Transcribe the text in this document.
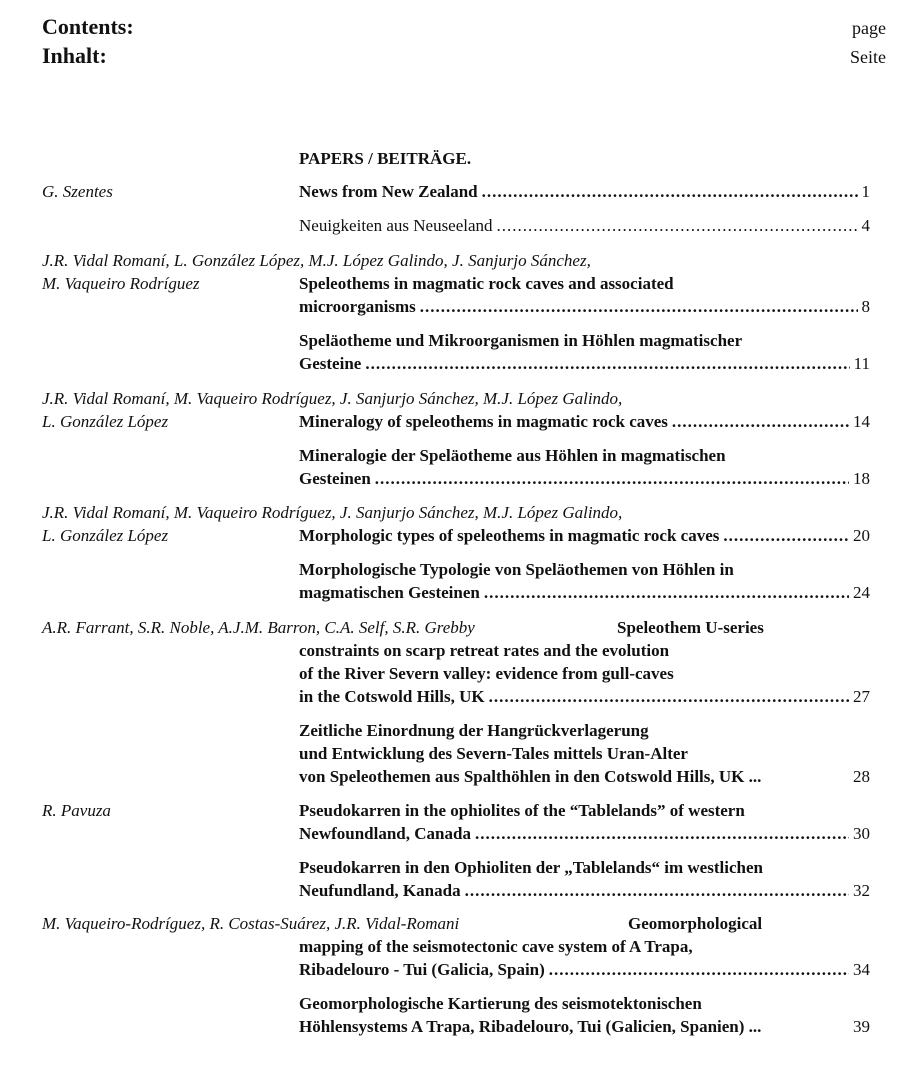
Contents:
Inhalt:
page
Seite
PAPERS / BEITRÄGE.
G. Szentes	News from New Zealand .....	1
Neuigkeiten aus Neuseeland .....	4
J.R. Vidal Romaní, L. González López, M.J. López Galindo, J. Sanjurjo Sánchez,
M. Vaqueiro Rodríguez	Speleothems in magmatic rock caves and associated
microorganisms .....	8
Speläotheme und Mikroorganismen in Höhlen magmatischer
Gesteine .....	11
J.R. Vidal Romaní, M. Vaqueiro Rodríguez, J. Sanjurjo Sánchez, M.J. López Galindo,
L. González López	Mineralogy of speleothems in magmatic rock caves .....	14
Mineralogie der Speläotheme aus Höhlen in magmatischen
Gesteinen .....	18
J.R. Vidal Romaní, M. Vaqueiro Rodríguez, J. Sanjurjo Sánchez, M.J. López Galindo,
L. González López	Morphologic types of speleothems in magmatic rock caves .....	20
Morphologische Typologie von Speläothemen von Höhlen in
magmatischen Gesteinen .....	24
A.R. Farrant, S.R. Noble, A.J.M. Barron, C.A. Self, S.R. Grebby	Speleothem U-series
constraints on scarp retreat rates and the evolution
of the River Severn valley: evidence from gull-caves
in the Cotswold Hills, UK .....	27
Zeitliche Einordnung der Hangrückverlagerung
und Entwicklung des Severn-Tales mittels Uran-Alter
von Speleothemen aus Spalthöhlen in den Cotswold Hills, UK ...	28
R. Pavuza	Pseudokarren in the ophiolites of the “Tablelands” of western
Newfoundland, Canada .....	30
Pseudokarren in den Ophioliten der „Tablelands“ im westlichen
Neufundland, Kanada .....	32
M. Vaqueiro-Rodríguez, R. Costas-Suárez, J.R. Vidal-Romani	Geomorphological
mapping of the seismotectonic cave system of A Trapa,
Ribadelouro - Tui (Galicia, Spain) .....	34
Geomorphologische Kartierung des seismotektonischen
Höhlensystems A Trapa, Ribadelouro, Tui (Galicien, Spanien) ...	39
